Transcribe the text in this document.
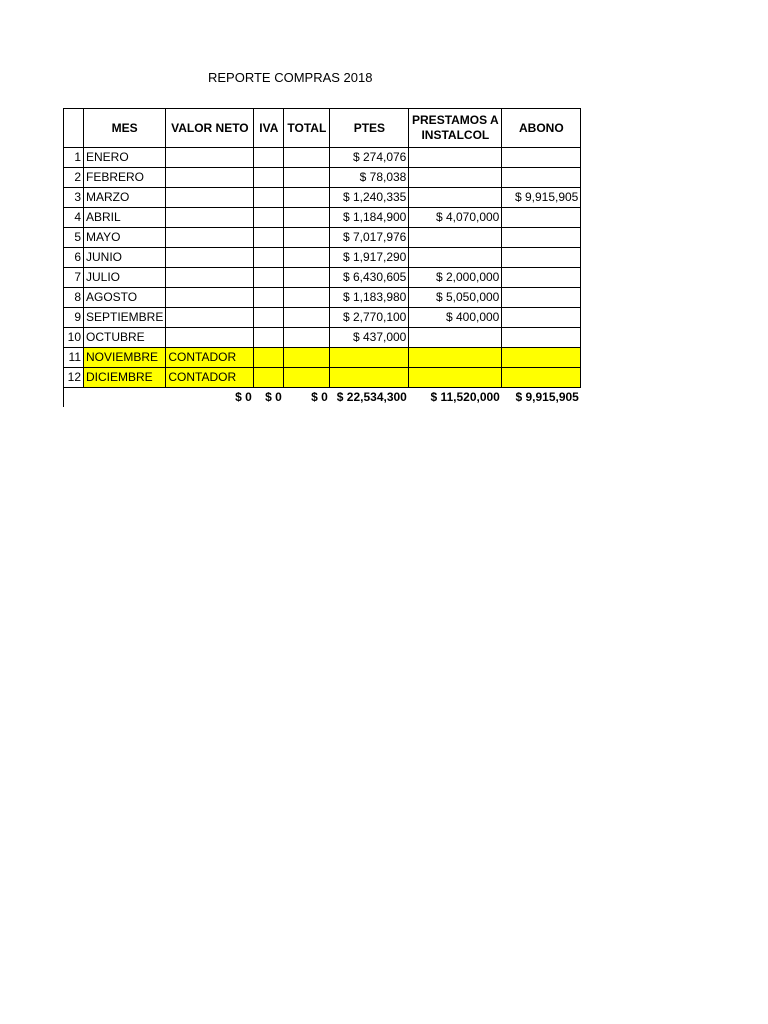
REPORTE COMPRAS 2018
	MES	VALOR NETO	IVA	TOTAL	PTES	PRESTAMOS A INSTALCOL	ABONO
1	ENERO				$ 274,076		
2	FEBRERO				$ 78,038		
3	MARZO				$ 1,240,335		$ 9,915,905
4	ABRIL				$ 1,184,900	$ 4,070,000	
5	MAYO				$ 7,017,976		
6	JUNIO				$ 1,917,290		
7	JULIO				$ 6,430,605	$ 2,000,000	
8	AGOSTO				$ 1,183,980	$ 5,050,000	
9	SEPTIEMBRE				$ 2,770,100	$ 400,000	
10	OCTUBRE				$ 437,000		
11	NOVIEMBRE	CONTADOR					
12	DICIEMBRE	CONTADOR					
		$ 0	$ 0	$ 0	$ 22,534,300	$ 11,520,000	$ 9,915,905
